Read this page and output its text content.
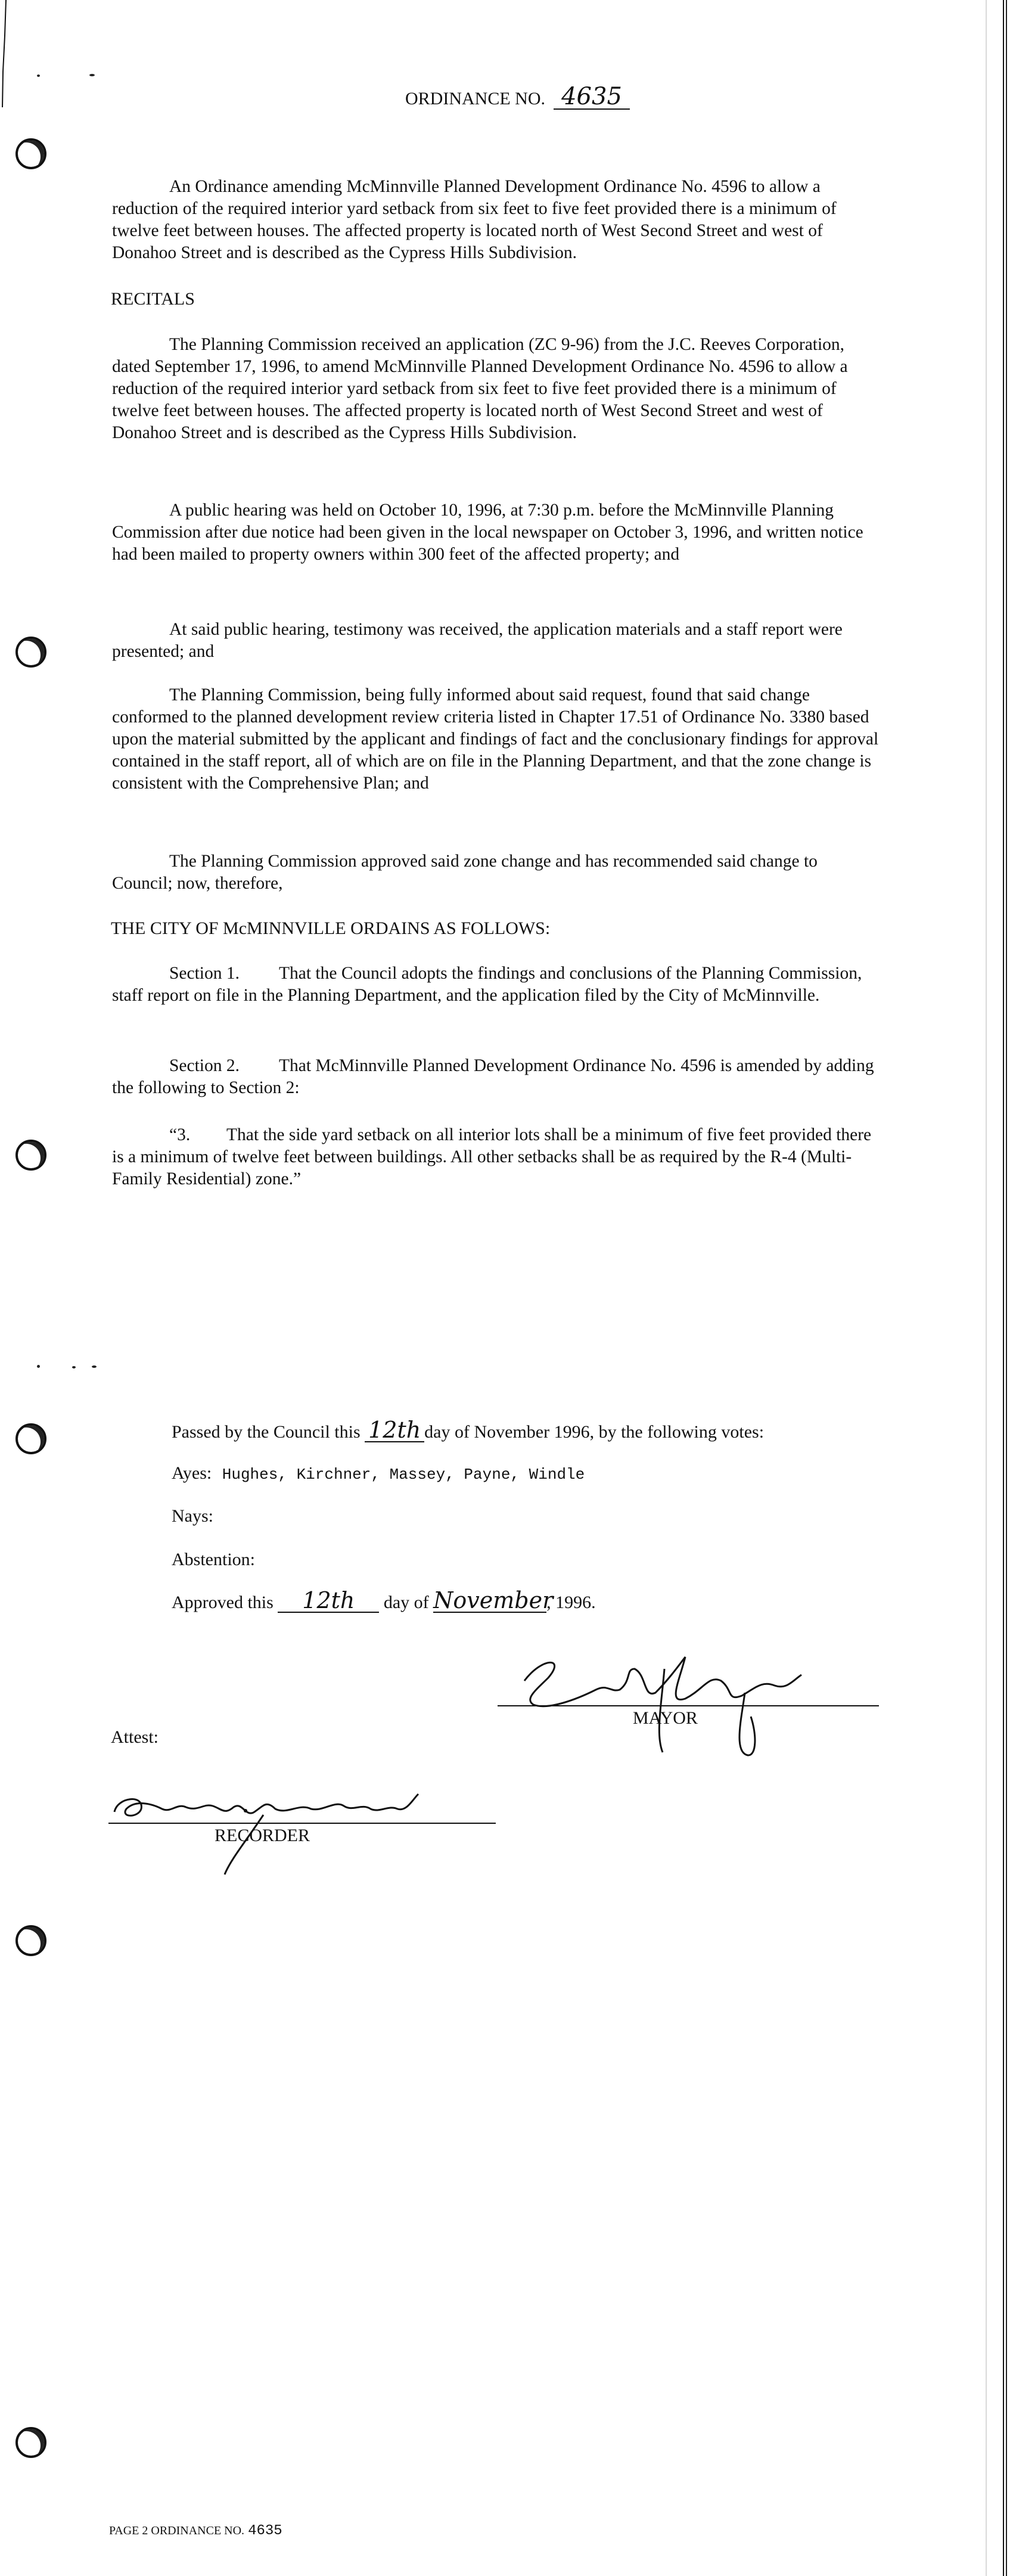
ORDINANCE NO. 4635

An Ordinance amending McMinnville Planned Development Ordinance No. 4596 to allow a reduction of the required interior yard setback from six feet to five feet provided there is a minimum of twelve feet between houses. The affected property is located north of West Second Street and west of Donahoo Street and is described as the Cypress Hills Subdivision.

RECITALS

The Planning Commission received an application (ZC 9-96) from the J.C. Reeves Corporation, dated September 17, 1996, to amend McMinnville Planned Development Ordinance No. 4596 to allow a reduction of the required interior yard setback from six feet to five feet provided there is a minimum of twelve feet between houses. The affected property is located north of West Second Street and west of Donahoo Street and is described as the Cypress Hills Subdivision.

A public hearing was held on October 10, 1996, at 7:30 p.m. before the McMinnville Planning Commission after due notice had been given in the local newspaper on October 3, 1996, and written notice had been mailed to property owners within 300 feet of the affected property; and

At said public hearing, testimony was received, the application materials and a staff report were presented; and

The Planning Commission, being fully informed about said request, found that said change conformed to the planned development review criteria listed in Chapter 17.51 of Ordinance No. 3380 based upon the material submitted by the applicant and findings of fact and the conclusionary findings for approval contained in the staff report, all of which are on file in the Planning Department, and that the zone change is consistent with the Comprehensive Plan; and

The Planning Commission approved said zone change and has recommended said change to Council; now, therefore,

THE CITY OF McMINNVILLE ORDAINS AS FOLLOWS:

Section 1. That the Council adopts the findings and conclusions of the Planning Commission, staff report on file in the Planning Department, and the application filed by the City of McMinnville.

Section 2. That McMinnville Planned Development Ordinance No. 4596 is amended by adding the following to Section 2:

“3. That the side yard setback on all interior lots shall be a minimum of five feet provided there is a minimum of twelve feet between buildings. All other setbacks shall be as required by the R-4 (Multi-Family Residential) zone.”

Passed by the Council this 12th day of November 1996, by the following votes:
Ayes: Hughes, Kirchner, Massey, Payne, Windle
Nays:
Abstention:
Approved this 12th day of November, 1996.
MAYOR
Attest:
RECORDER
PAGE 2 ORDINANCE NO. 4635
